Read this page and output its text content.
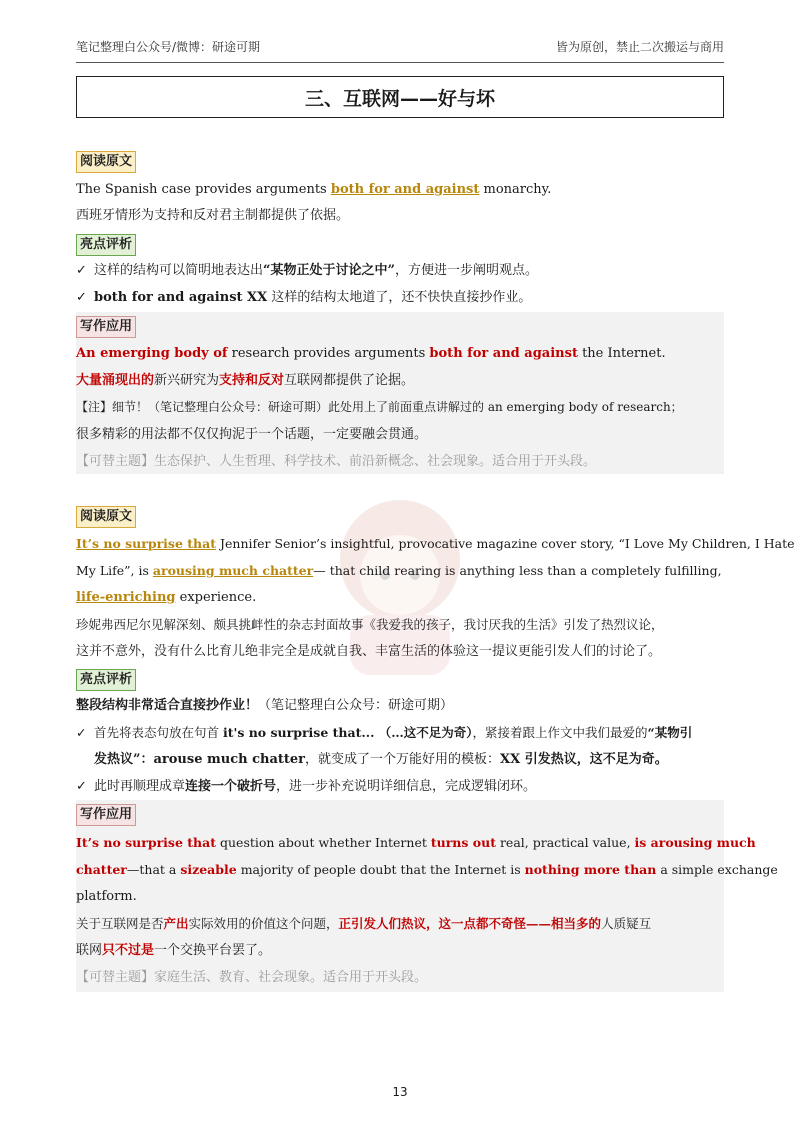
笔记整理白公众号/微博：研途可期	皆为原创，禁止二次搬运与商用
三、互联网——好与坏
阅读原文
The Spanish case provides arguments both for and against monarchy.
西班牙情形为支持和反对君主制都提供了依据。
亮点评析
✓ 这样的结构可以简明地表达出“某物正处于讨论之中”，方便进一步阐明观点。
✓ both for and against XX 这样的结构太地道了，还不快快直接抄作业。
写作应用
An emerging body of research provides arguments both for and against the Internet.
大量涌现出的新兴研究为支持和反对互联网都提供了论据。
【注】细节！（笔记整理白公众号：研途可期）此处用上了前面重点讲解过的 an emerging body of research；
很多精彩的用法都不仅仅拘泥于一个话题，一定要融会贯通。
【可替主题】生态保护、人生哲理、科学技术、前沿新概念、社会现象。适合用于开头段。
阅读原文
It’s no surprise that Jennifer Senior’s insightful, provocative magazine cover story, “I Love My Children, I Hate
My Life”, is arousing much chatter— that child rearing is anything less than a completely fulfilling,
life-enriching experience.
珍妮弗西尼尔见解深刻、颇具挑衅性的杂志封面故事《我爱我的孩子，我讨厌我的生活》引发了热烈议论，
这并不意外，没有什么比育儿绝非完全是成就自我、丰富生活的体验这一提议更能引发人们的讨论了。
亮点评析
整段结构非常适合直接抄作业！（笔记整理白公众号：研途可期）
✓ 首先将表态句放在句首 it's no surprise that... （…这不足为奇），紧接着跟上作文中我们最爱的“某物引
发热议”：arouse much chatter，就变成了一个万能好用的模板：XX 引发热议，这不足为奇。
✓ 此时再顺理成章连接一个破折号，进一步补充说明详细信息，完成逻辑闭环。
写作应用
It’s no surprise that question about whether Internet turns out real, practical value, is arousing much
chatter—that a sizeable majority of people doubt that the Internet is nothing more than a simple exchange
platform.
关于互联网是否产出实际效用的价值这个问题，正引发人们热议，这一点都不奇怪——相当多的人质疑互
联网只不过是一个交换平台罢了。
【可替主题】家庭生活、教育、社会现象。适合用于开头段。
13
